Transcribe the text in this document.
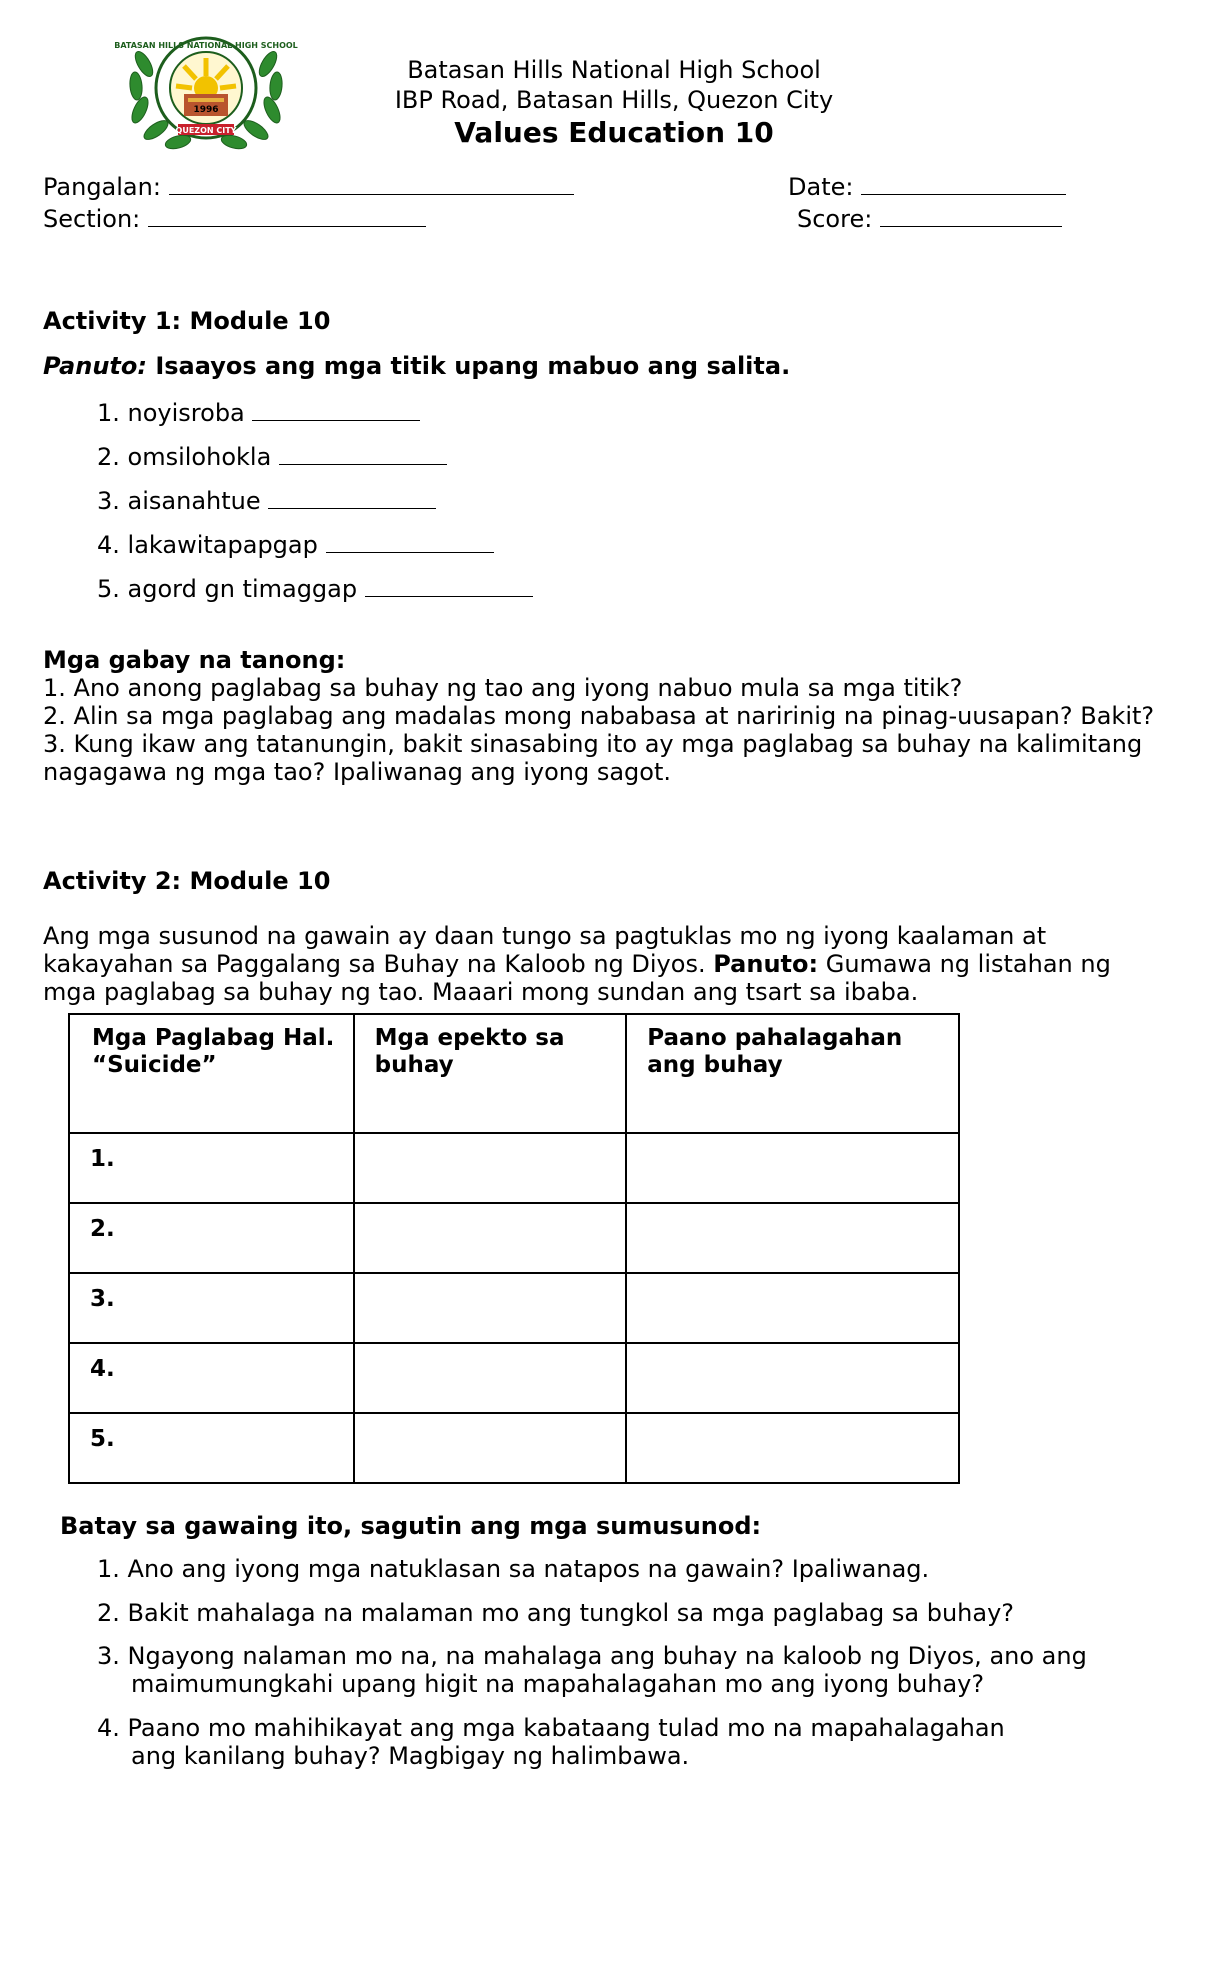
BATASAN HILLS NATIONAL HIGH SCHOOL
1996
QUEZON CITY
Batasan Hills National High School
IBP Road, Batasan Hills, Quezon City
Values Education 10
Pangalan:
Section:
Date:
Score:
Activity 1: Module 10
Panuto: Isaayos ang mga titik upang mabuo ang salita.
1. noyisroba
2. omsilohokla
3. aisanahtue
4. lakawitapapgap
5. agord gn timaggap
Mga gabay na tanong:
1. Ano anong paglabag sa buhay ng tao ang iyong nabuo mula sa mga titik?
2. Alin sa mga paglabag ang madalas mong nababasa at naririnig na pinag-uusapan? Bakit?
3. Kung ikaw ang tatanungin, bakit sinasabing ito ay mga paglabag sa buhay na kalimitang nagagawa ng mga tao? Ipaliwanag ang iyong sagot.
Activity 2: Module 10
Ang mga susunod na gawain ay daan tungo sa pagtuklas mo ng iyong kaalaman at kakayahan sa Paggalang sa Buhay na Kaloob ng Diyos. Panuto: Gumawa ng listahan ng mga paglabag sa buhay ng tao. Maaari mong sundan ang tsart sa ibaba.
Mga Paglabag Hal. “Suicide”	Mga epekto sa buhay	Paano pahalagahan ang buhay
1.		
2.		
3.		
4.		
5.		
Batay sa gawaing ito, sagutin ang mga sumusunod:
1. Ano ang iyong mga natuklasan sa natapos na gawain? Ipaliwanag.
2. Bakit mahalaga na malaman mo ang tungkol sa mga paglabag sa buhay?
3. Ngayong nalaman mo na, na mahalaga ang buhay na kaloob ng Diyos, ano ang
maimumungkahi upang higit na mapahalagahan mo ang iyong buhay?
4. Paano mo mahihikayat ang mga kabataang tulad mo na mapahalagahan
ang kanilang buhay? Magbigay ng halimbawa.
